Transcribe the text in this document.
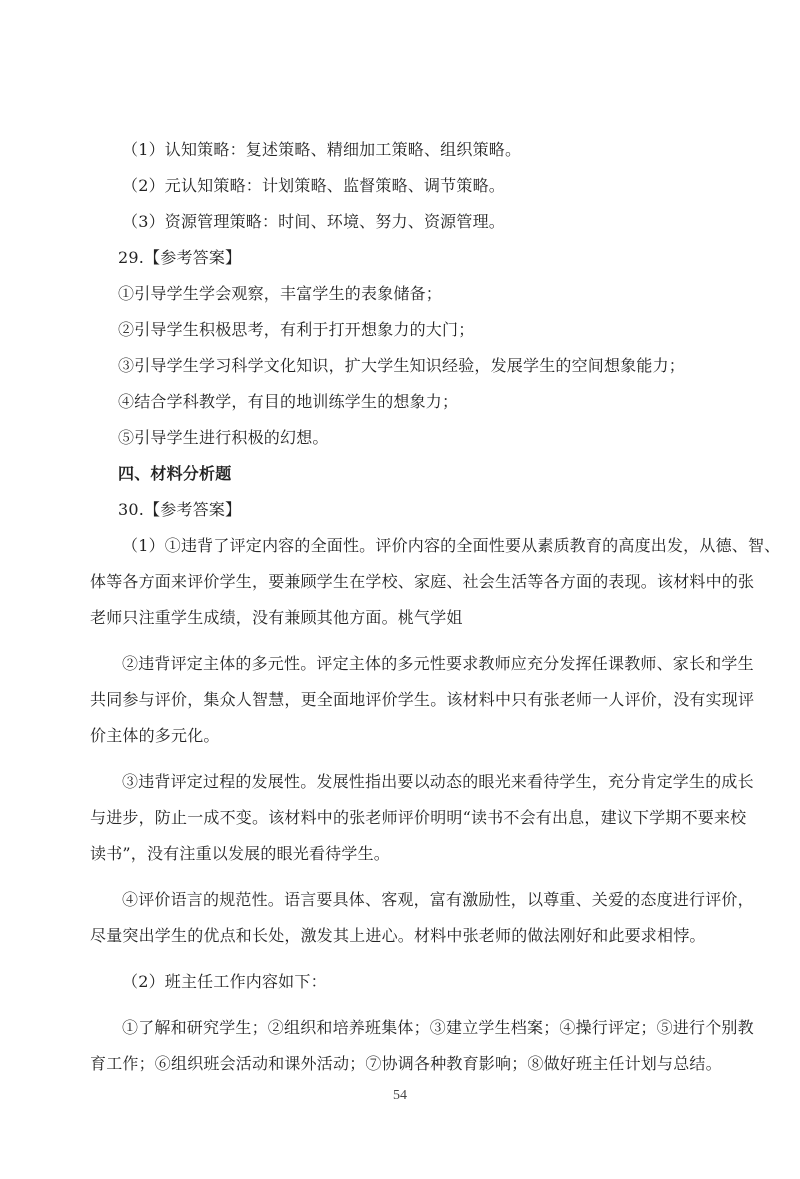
（1）认知策略：复述策略、精细加工策略、组织策略。

（2）元认知策略：计划策略、监督策略、调节策略。

（3）资源管理策略：时间、环境、努力、资源管理。

29.【参考答案】

①引导学生学会观察，丰富学生的表象储备；

②引导学生积极思考，有利于打开想象力的大门；

③引导学生学习科学文化知识，扩大学生知识经验，发展学生的空间想象能力；

④结合学科教学，有目的地训练学生的想象力；

⑤引导学生进行积极的幻想。

四、材料分析题

30.【参考答案】

（1）①违背了评定内容的全面性。评价内容的全面性要从素质教育的高度出发，从德、智、

体等各方面来评价学生，要兼顾学生在学校、家庭、社会生活等各方面的表现。该材料中的张

老师只注重学生成绩，没有兼顾其他方面。桃气学姐

②违背评定主体的多元性。评定主体的多元性要求教师应充分发挥任课教师、家长和学生

共同参与评价，集众人智慧，更全面地评价学生。该材料中只有张老师一人评价，没有实现评

价主体的多元化。

③违背评定过程的发展性。发展性指出要以动态的眼光来看待学生，充分肯定学生的成长

与进步，防止一成不变。该材料中的张老师评价明明“读书不会有出息，建议下学期不要来校

读书”，没有注重以发展的眼光看待学生。

④评价语言的规范性。语言要具体、客观，富有激励性，以尊重、关爱的态度进行评价，

尽量突出学生的优点和长处，激发其上进心。材料中张老师的做法刚好和此要求相悖。

（2）班主任工作内容如下：

①了解和研究学生；②组织和培养班集体；③建立学生档案；④操行评定；⑤进行个别教

育工作；⑥组织班会活动和课外活动；⑦协调各种教育影响；⑧做好班主任计划与总结。

54
